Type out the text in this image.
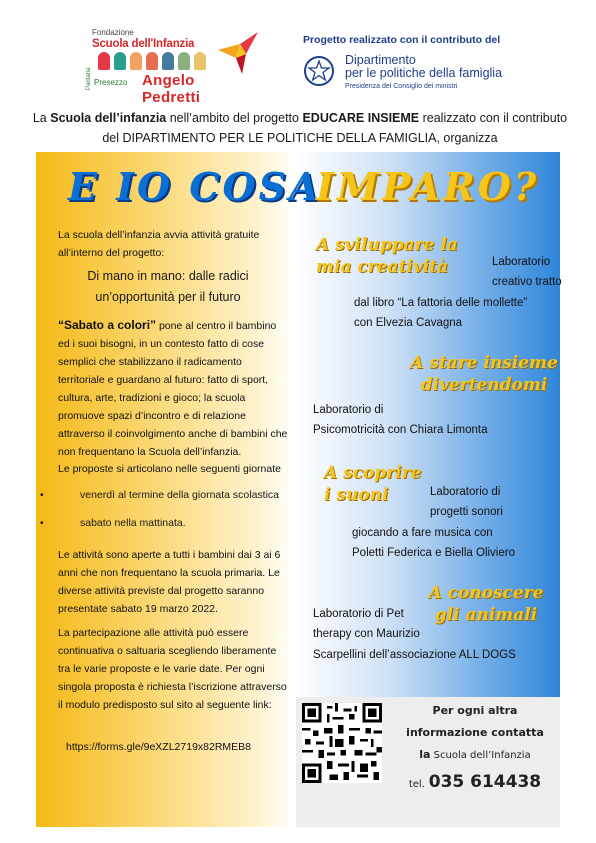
Fondazione
Scuola dell'Infanzia
Paritaria Presezzo Angelo Pedretti
Progetto realizzato con il contributo del
Dipartimento
per le politiche della famiglia
Presidenza del Consiglio dei ministri
La Scuola dell’infanzia nell’ambito del progetto EDUCARE INSIEME realizzato con il contributo del DIPARTIMENTO PER LE POLITICHE DELLA FAMIGLIA, organizza
E IO COSA
IMPARO?
La scuola dell’infanzia avvia attività gratuite all’interno del progetto:
Di mano in mano: dalle radici
un’opportunità per il futuro
“Sabato a colori” pone al centro il bambino ed i suoi bisogni, in un contesto fatto di cose semplici che stabilizzano il radicamento territoriale e guardano al futuro: fatto di sport, cultura, arte, tradizioni e gioco; la scuola promuove spazi d’incontro e di relazione attraverso il coinvolgimento anche di bambini che non frequentano la Scuola dell’infanzia.
Le proposte si articolano nelle seguenti giornate
•	venerdì al termine della giornata scolastica
•	sabato nella mattinata.
Le attività sono aperte a tutti i bambini dai 3 ai 6 anni che non frequentano la scuola primaria. Le diverse attività previste dal progetto saranno presentate sabato 19 marzo 2022.
La partecipazione alle attività può essere continuativa o saltuaria scegliendo liberamente tra le varie proposte e le varie date. Per ogni singola proposta è richiesta l’iscrizione attraverso il modulo predisposto sul sito al seguente link:
https://forms.gle/9eXZL2719x82RMEB8
A sviluppare la
mia creatività	Laboratorio
creativo tratto
dal libro “La fattoria delle mollette”
con Elvezia Cavagna
A stare insieme
divertendomi
Laboratorio di
Psicomotricità con Chiara Limonta
A scoprire
i suoni	Laboratorio di
progetti sonori
giocando a fare musica con
Poletti Federica e Biella Oliviero
A conoscere
gli animali
Laboratorio di Pet
therapy con Maurizio
Scarpellini dell’associazione ALL DOGS
Per ogni altra
informazione contatta
la Scuola dell’Infanzia
tel. 035 614438
